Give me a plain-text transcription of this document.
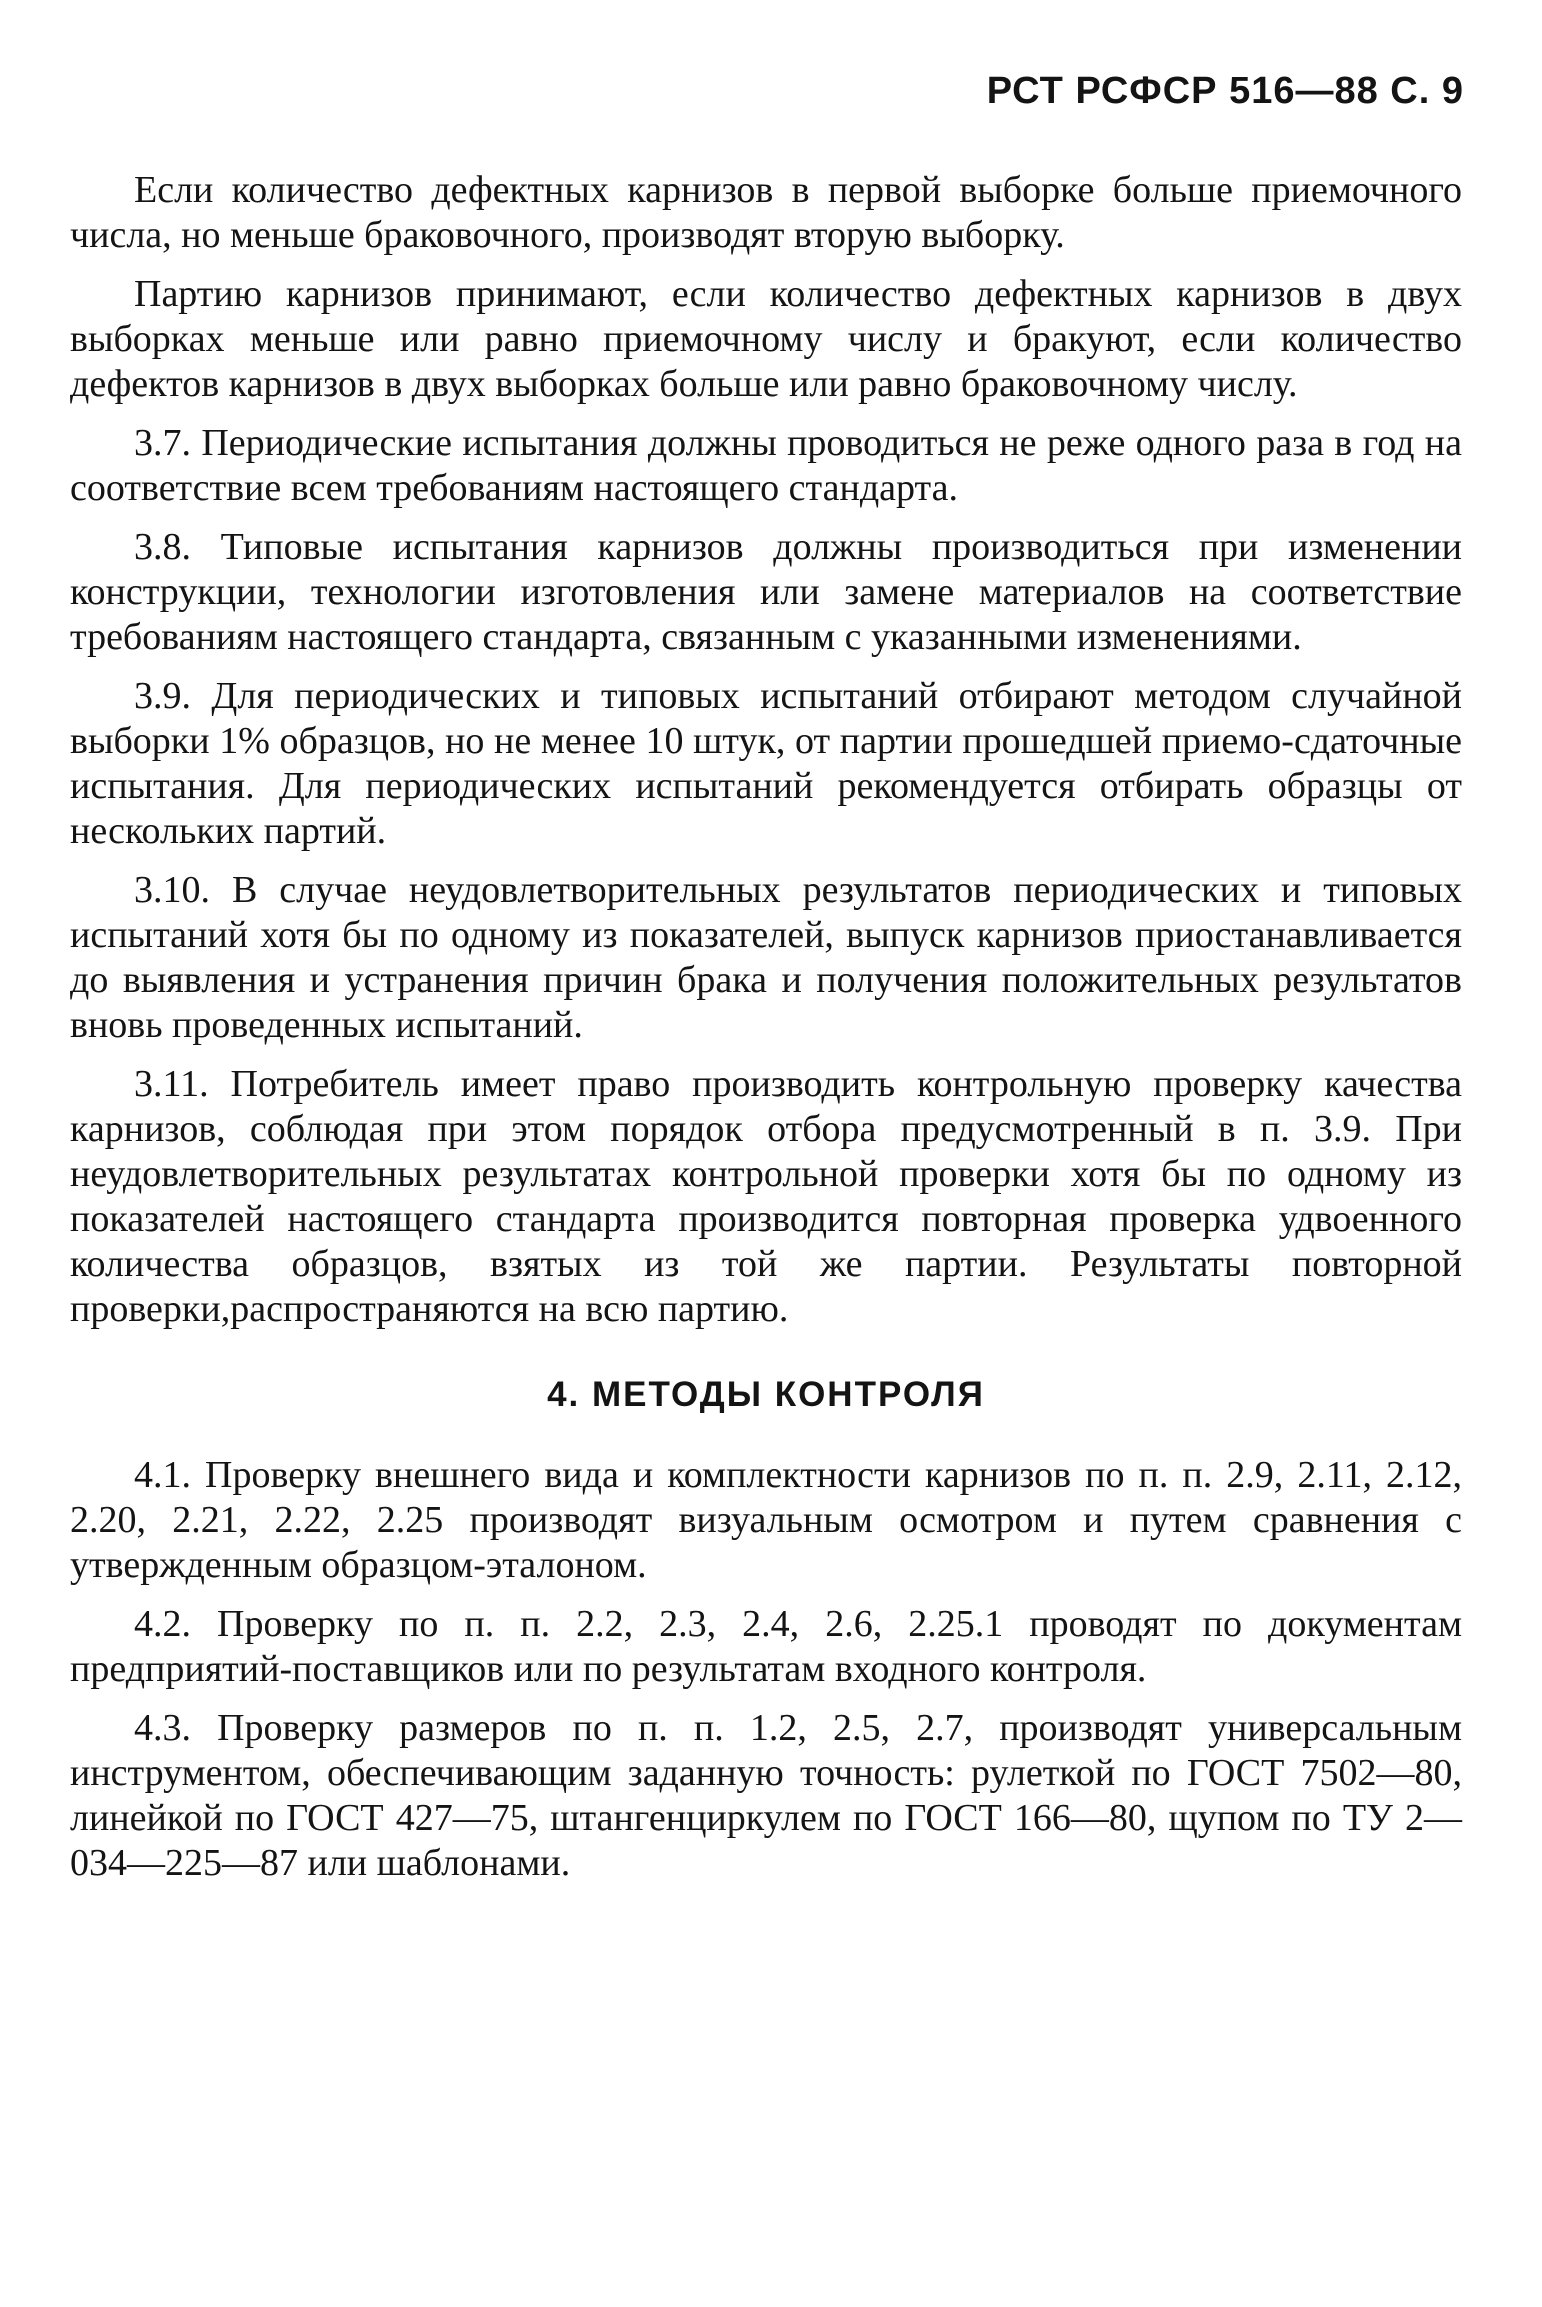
РСТ РСФСР 516—88 С. 9

Если количество дефектных карнизов в первой выборке больше приемочного числа, но меньше браковочного, производят вторую выборку.

Партию карнизов принимают, если количество дефектных карнизов в двух выборках меньше или равно приемочному числу и бракуют, если количество дефектов карнизов в двух выборках больше или равно браковочному числу.

3.7. Периодические испытания должны проводиться не реже одного раза в год на соответствие всем требованиям настоящего стандарта.

3.8. Типовые испытания карнизов должны производиться при изменении конструкции, технологии изготовления или замене материалов на соответствие требованиям настоящего стандарта, связанным с указанными изменениями.

3.9. Для периодических и типовых испытаний отбирают методом случайной выборки 1% образцов, но не менее 10 штук, от партии прошедшей приемо-сдаточные испытания. Для периодических испытаний рекомендуется отбирать образцы от нескольких партий.

3.10. В случае неудовлетворительных результатов периодических и типовых испытаний хотя бы по одному из показателей, выпуск карнизов приостанавливается до выявления и устранения причин брака и получения положительных результатов вновь проведенных испытаний.

3.11. Потребитель имеет право производить контрольную проверку качества карнизов, соблюдая при этом порядок отбора предусмотренный в п. 3.9. При неудовлетворительных результатах контрольной проверки хотя бы по одному из показателей настоящего стандарта производится повторная проверка удвоенного количества образцов, взятых из той же партии. Результаты повторной проверки,распространяются на всю партию.

4. МЕТОДЫ КОНТРОЛЯ

4.1. Проверку внешнего вида и комплектности карнизов по п. п. 2.9, 2.11, 2.12, 2.20, 2.21, 2.22, 2.25 производят визуальным осмотром и путем сравнения с утвержденным образцом-эталоном.

4.2. Проверку по п. п. 2.2, 2.3, 2.4, 2.6, 2.25.1 проводят по документам предприятий-поставщиков или по результатам входного контроля.

4.3. Проверку размеров по п. п. 1.2, 2.5, 2.7, производят универсальным инструментом, обеспечивающим заданную точность: рулеткой по ГОСТ 7502—80, линейкой по ГОСТ 427—75, штангенциркулем по ГОСТ 166—80, щупом по ТУ 2—034—225—87 или шаблонами.
